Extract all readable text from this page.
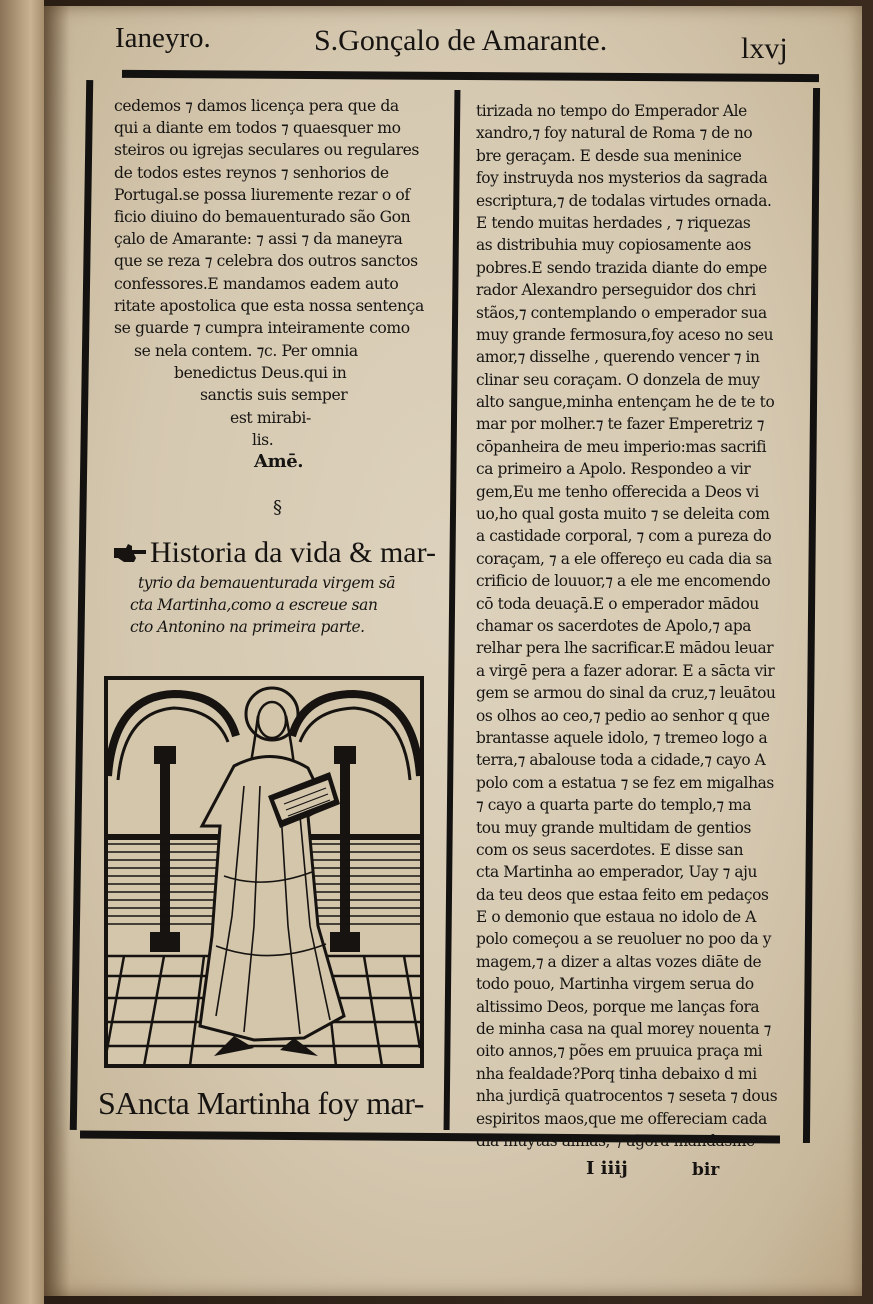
Ianeyro.	S.Gonçalo de Amarante.	lxvj
cedemos ⁊ damos licença pera que da
qui a diante em todos ⁊ quaesquer mo
steiros ou igrejas seculares ou regulares
de todos estes reynos ⁊ senhorios de
Portugal.se possa liuremente rezar o of
ficio diuino do bemauenturado são Gon
çalo de Amarante: ⁊ assi ⁊ da maneyra
que se reza ⁊ celebra dos outros sanctos
confessores.E mandamos eadem auto
ritate apostolica que esta nossa sentença
se guarde ⁊ cumpra inteiramente como
se nela contem. ⁊c. Per omnia
benedictus Deus.qui in
sanctis suis semper
est mirabi-
lis.
Amē.
§
Historia da vida & mar-
tyrio da bemauenturada virgem sā
cta Martinha,como a escreue san
cto Antonino na primeira parte.
SAncta Martinha foy mar-
tirizada no tempo do Emperador Ale
xandro,⁊ foy natural de Roma ⁊ de no
bre geraçam. E desde sua meninice
foy instruyda nos mysterios da sagrada
escriptura,⁊ de todalas virtudes ornada.
E tendo muitas herdades , ⁊ riquezas
as distribuhia muy copiosamente aos
pobres.E sendo trazida diante do empe
rador Alexandro perseguidor dos chri
stãos,⁊ contemplando o emperador sua
muy grande fermosura,foy aceso no seu
amor,⁊ disselhe , querendo vencer ⁊ in
clinar seu coraçam. O donzela de muy
alto sangue,minha entençam he de te to
mar por molher.⁊ te fazer Emperetriz ⁊
cōpanheira de meu imperio:mas sacrifi
ca primeiro a Apolo. Respondeo a vir
gem,Eu me tenho offerecida a Deos vi
uo,ho qual gosta muito ⁊ se deleita com
a castidade corporal, ⁊ com a pureza do
coraçam, ⁊ a ele offereço eu cada dia sa
crificio de louuor,⁊ a ele me encomendo
cō toda deuaçā.E o emperador mādou
chamar os sacerdotes de Apolo,⁊ apa
relhar pera lhe sacrificar.E mādou leuar
a virgē pera a fazer adorar. E a sācta vir
gem se armou do sinal da cruz,⁊ leuātou
os olhos ao ceo,⁊ pedio ao senhor q que
brantasse aquele idolo, ⁊ tremeo logo a
terra,⁊ abalouse toda a cidade,⁊ cayo A
polo com a estatua ⁊ se fez em migalhas
⁊ cayo a quarta parte do templo,⁊ ma
tou muy grande multidam de gentios
com os seus sacerdotes. E disse san
cta Martinha ao emperador, Uay ⁊ aju
da teu deos que estaa feito em pedaços
E o demonio que estaua no idolo de A
polo começou a se reuoluer no poo da y
magem,⁊ a dizer a altas vozes diāte de
todo pouo, Martinha virgem serua do
altissimo Deos, porque me lanças fora
de minha casa na qual morey nouenta ⁊
oito annos,⁊ pões em pruuica praça mi
nha fealdade?Porq tinha debaixo d mi
nha jurdiçā quatrocentos ⁊ seseta ⁊ dous
espiritos maos,que me offereciam cada
dia muytas almas, ⁊ agora mandasme
I iiij	bir
